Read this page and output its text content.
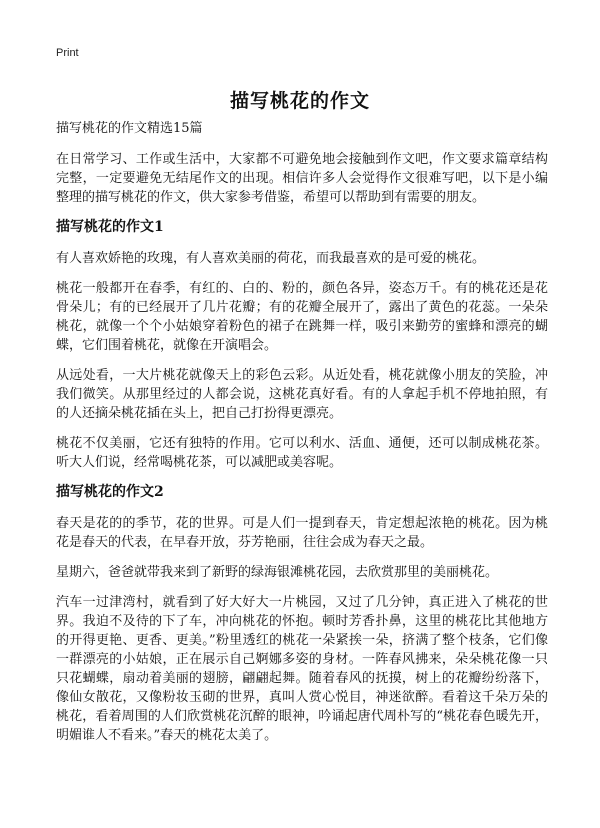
Print
描写桃花的作文
描写桃花的作文精选15篇

在日常学习、工作或生活中，大家都不可避免地会接触到作文吧，作文要求篇章结构完整，一定要避免无结尾作文的出现。相信许多人会觉得作文很难写吧，以下是小编整理的描写桃花的作文，供大家参考借鉴，希望可以帮助到有需要的朋友。

描写桃花的作文1

有人喜欢娇艳的玫瑰，有人喜欢美丽的荷花，而我最喜欢的是可爱的桃花。

桃花一般都开在春季，有红的、白的、粉的，颜色各异，姿态万千。有的桃花还是花骨朵儿；有的已经展开了几片花瓣；有的花瓣全展开了，露出了黄色的花蕊。一朵朵桃花，就像一个个小姑娘穿着粉色的裙子在跳舞一样，吸引来勤劳的蜜蜂和漂亮的蝴蝶，它们围着桃花，就像在开演唱会。

从远处看，一大片桃花就像天上的彩色云彩。从近处看，桃花就像小朋友的笑脸，冲我们微笑。从那里经过的人都会说，这桃花真好看。有的人拿起手机不停地拍照，有的人还摘朵桃花插在头上，把自己打扮得更漂亮。

桃花不仅美丽，它还有独特的作用。它可以利水、活血、通便，还可以制成桃花茶。听大人们说，经常喝桃花茶，可以减肥或美容呢。

描写桃花的作文2

春天是花的的季节，花的世界。可是人们一提到春天，肯定想起浓艳的桃花。因为桃花是春天的代表，在早春开放，芬芳艳丽，往往会成为春天之最。

星期六，爸爸就带我来到了新野的绿海银滩桃花园，去欣赏那里的美丽桃花。

汽车一过津湾村，就看到了好大好大一片桃园，又过了几分钟，真正进入了桃花的世界。我迫不及待的下了车，冲向桃花的怀抱。顿时芳香扑鼻，这里的桃花比其他地方的开得更艳、更香、更美。”粉里透红的桃花一朵紧挨一朵，挤满了整个枝条，它们像一群漂亮的小姑娘，正在展示自己婀娜多姿的身材。一阵春风拂来，朵朵桃花像一只只花蝴蝶，扇动着美丽的翅膀，翩翩起舞。随着春风的抚摸，树上的花瓣纷纷落下，像仙女散花，又像粉妆玉砌的世界，真叫人赏心悦目，神迷欲醉。看着这千朵万朵的桃花，看着周围的人们欣赏桃花沉醉的眼神，吟诵起唐代周朴写的“桃花春色暖先开，明媚谁人不看来。”春天的桃花太美了。
